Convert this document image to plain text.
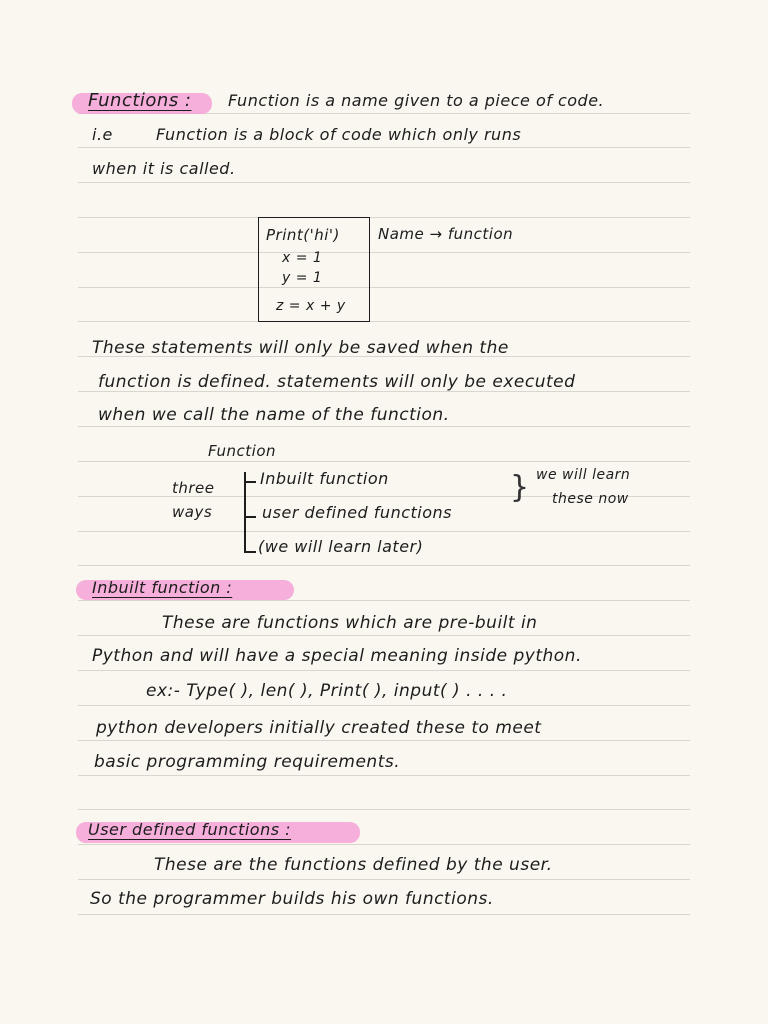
Functions : Function is a name given to a piece of code.
i.e	Function is a block of code which only runs
when it is called.
Print('hi')
x = 1
y = 1
z = x + y
Name → function
These statements will only be saved when the
function is defined. statements will only be executed
when we call the name of the function.
Function
three
ways
Inbuilt function
user defined functions
(we will learn later)
} we will learn
these now
Inbuilt function :
These are functions which are pre-built in
Python and will have a special meaning inside python.
ex:- Type( ), len( ), Print( ), input( ) . . . .
python developers initially created these to meet
basic programming requirements.
User defined functions :
These are the functions defined by the user.
So the programmer builds his own functions.
